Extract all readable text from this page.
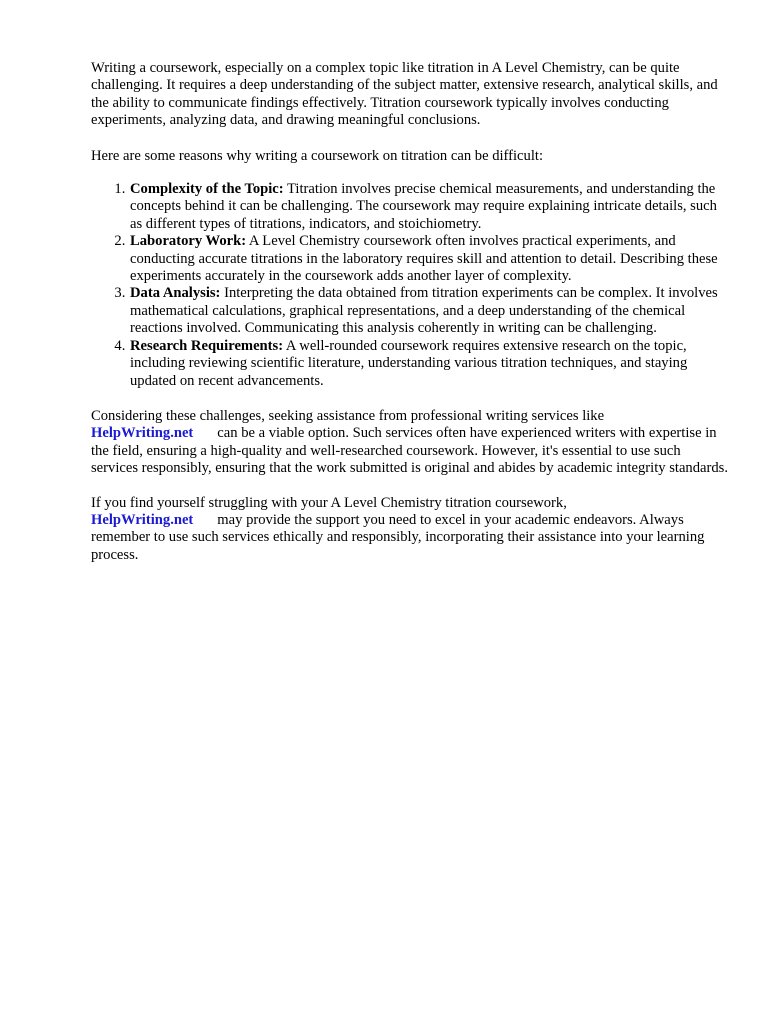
Writing a coursework, especially on a complex topic like titration in A Level Chemistry, can be quite challenging. It requires a deep understanding of the subject matter, extensive research, analytical skills, and the ability to communicate findings effectively. Titration coursework typically involves conducting experiments, analyzing data, and drawing meaningful conclusions.

Here are some reasons why writing a coursework on titration can be difficult:

1. Complexity of the Topic: Titration involves precise chemical measurements, and understanding the concepts behind it can be challenging. The coursework may require explaining intricate details, such as different types of titrations, indicators, and stoichiometry.
2. Laboratory Work: A Level Chemistry coursework often involves practical experiments, and conducting accurate titrations in the laboratory requires skill and attention to detail. Describing these experiments accurately in the coursework adds another layer of complexity.
3. Data Analysis: Interpreting the data obtained from titration experiments can be complex. It involves mathematical calculations, graphical representations, and a deep understanding of the chemical reactions involved. Communicating this analysis coherently in writing can be challenging.
4. Research Requirements: A well-rounded coursework requires extensive research on the topic, including reviewing scientific literature, understanding various titration techniques, and staying updated on recent advancements.

Considering these challenges, seeking assistance from professional writing services like
HelpWriting.net can be a viable option. Such services often have experienced writers with expertise in the field, ensuring a high-quality and well-researched coursework. However, it's essential to use such services responsibly, ensuring that the work submitted is original and abides by academic integrity standards.

If you find yourself struggling with your A Level Chemistry titration coursework,
HelpWriting.net may provide the support you need to excel in your academic endeavors. Always remember to use such services ethically and responsibly, incorporating their assistance into your learning process.
